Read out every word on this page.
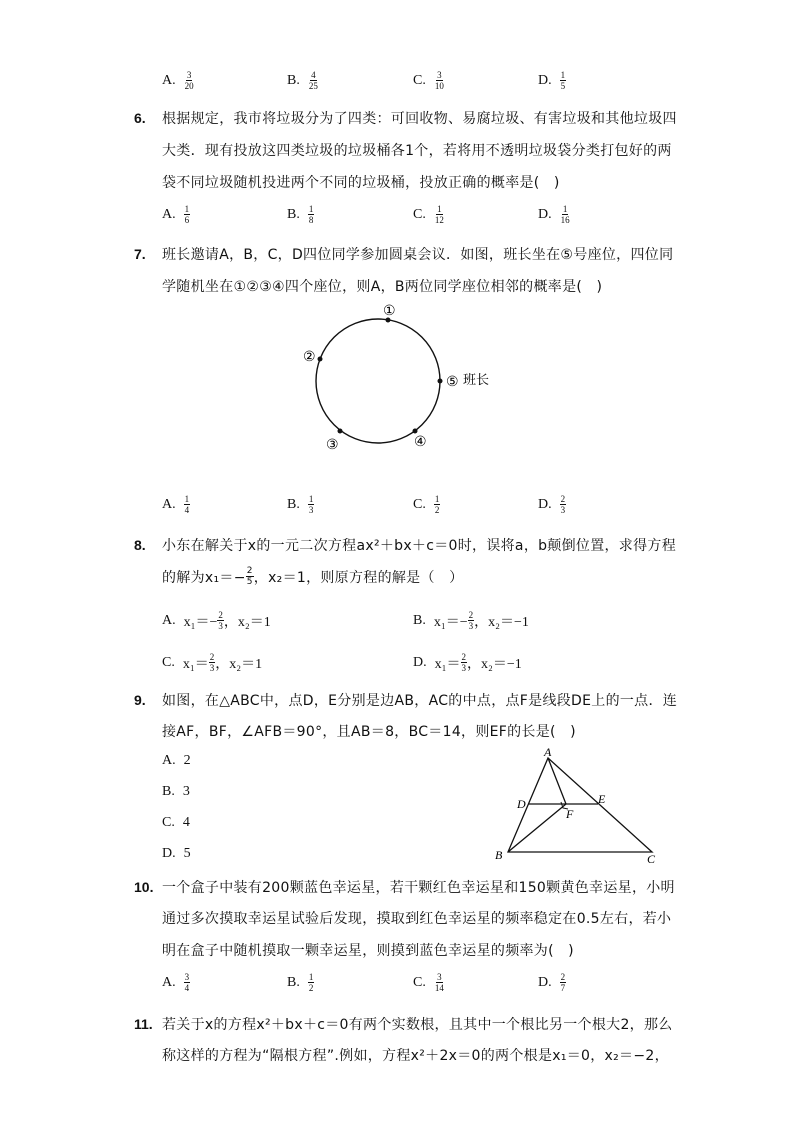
A. $\frac{3}{20}$	B. $\frac{4}{25}$	C. $\frac{3}{10}$	D. $\frac{1}{5}$
6. 根据规定，我市将垃圾分为了四类：可回收物、易腐垃圾、有害垃圾和其他垃圾四
大类．现有投放这四类垃圾的垃圾桶各1个，若将用不透明垃圾袋分类打包好的两
袋不同垃圾随机投进两个不同的垃圾桶，投放正确的概率是(　)
A. $\frac{1}{6}$	B. $\frac{1}{8}$	C. $\frac{1}{12}$	D. $\frac{1}{16}$
7. 班长邀请A，B，C，D四位同学参加圆桌会议．如图，班长坐在⑤号座位，四位同
学随机坐在①②③④四个座位，则A，B两位同学座位相邻的概率是(　)
①
②
③	④
⑤ 班长
A. $\frac{1}{4}$	B. $\frac{1}{3}$	C. $\frac{1}{2}$	D. $\frac{2}{3}$
8. 小东在解关于x的一元二次方程ax²＋bx＋c＝0时，误将a，b颠倒位置，求得方程
的解为$x_1=- \frac{2}{5}$ ，x₂＝1，则原方程的解是（　）
A. $x_1=- \frac{2}{3}$ ，x₂＝1	B. $x_1=- \frac{2}{3}$ ，x₂＝−1
C. $x_1= \frac{2}{3}$ ，x₂＝1	D. $x_1= \frac{2}{3}$ ，x₂＝−1
9. 如图，在△ABC中，点D，E分别是边AB，AC的中点，点F是线段DE上的一点．连
接AF，BF，∠AFB＝90°，且AB＝8，BC＝14，则EF的长是(　)
A. 2
B. 3
C. 4
D. 5
A
B	C
D	E
F
10. 一个盒子中装有200颗蓝色幸运星，若干颗红色幸运星和150颗黄色幸运星，小明
通过多次摸取幸运星试验后发现，摸取到红色幸运星的频率稳定在0.5左右，若小
明在盒子中随机摸取一颗幸运星，则摸到蓝色幸运星的频率为(　)
A. $\frac{3}{4}$	B. $\frac{1}{2}$	C. $\frac{3}{14}$	D. $\frac{2}{7}$
11. 若关于x的方程x²＋bx＋c＝0有两个实数根，且其中一个根比另一个根大2，那么
称这样的方程为“隔根方程”.例如，方程x²＋2x＝0的两个根是x₁＝0，x₂＝−2，
